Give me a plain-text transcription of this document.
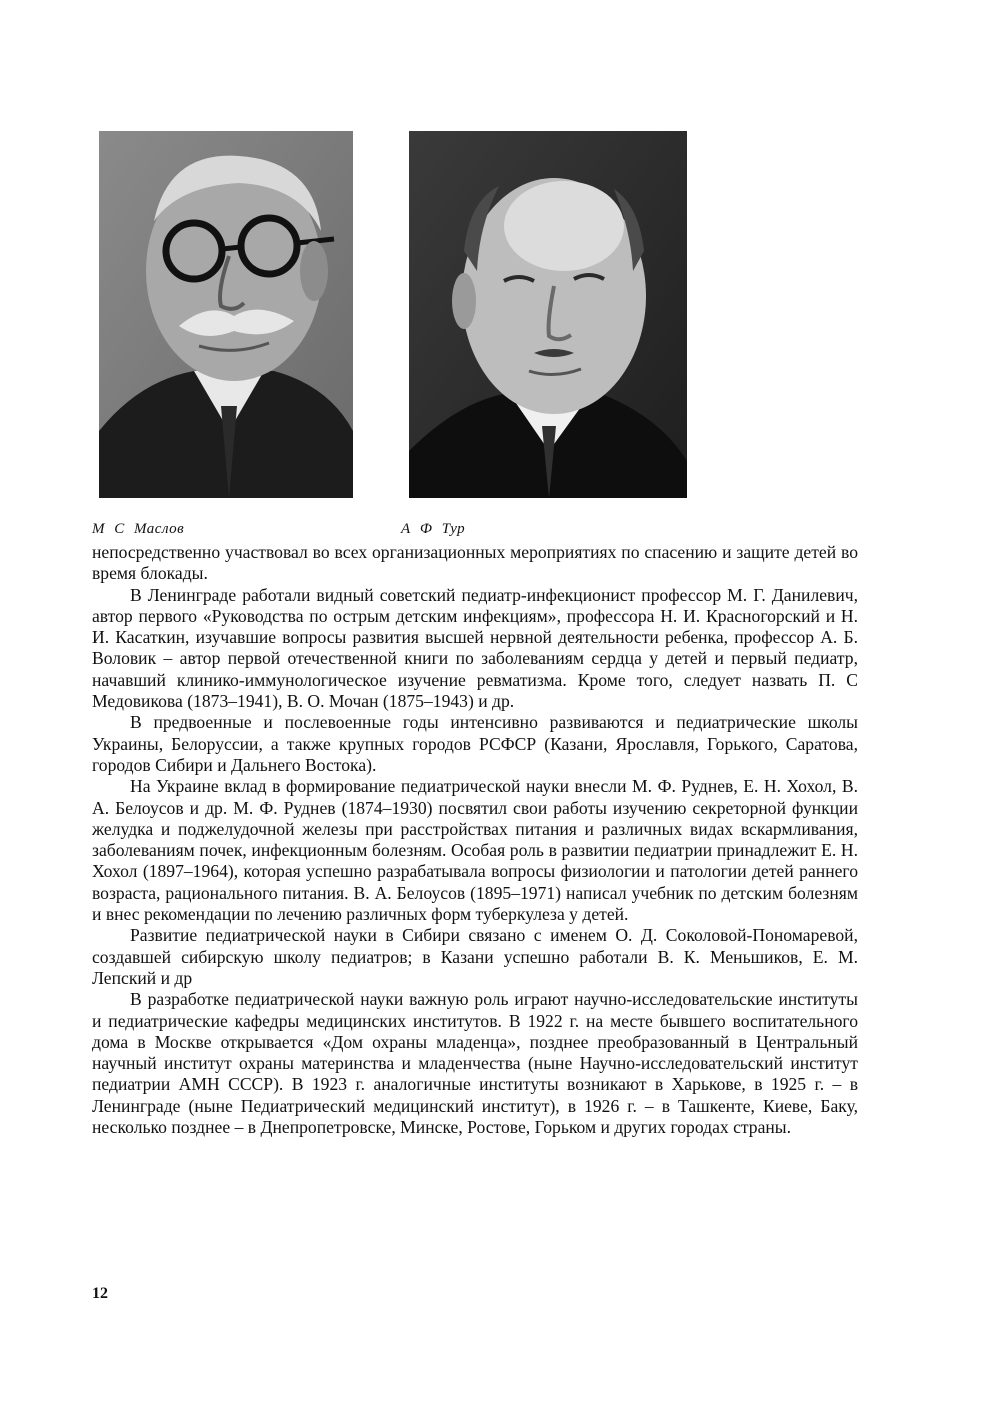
М С Маслов	А Ф Тур

непосредственно участвовал во всех организационных мероприятиях по спасению и защите детей во время блокады.

В Ленинграде работали видный советский педиатр-инфекционист профессор М. Г. Данилевич, автор первого «Руководства по острым детским инфекциям», профессора Н. И. Красногорский и Н. И. Касаткин, изучавшие вопросы развития высшей нервной деятельности ребенка, профессор А. Б. Воловик – автор первой отечественной книги по заболеваниям сердца у детей и первый педиатр, начавший клинико-иммунологическое изучение ревматизма. Кроме того, следует назвать П. С Медовикова (1873–1941), В. О. Мочан (1875–1943) и др.

В предвоенные и послевоенные годы интенсивно развиваются и педиатрические школы Украины, Белоруссии, а также крупных городов РСФСР (Казани, Ярославля, Горького, Саратова, городов Сибири и Дальнего Востока).

На Украине вклад в формирование педиатрической науки внесли М. Ф. Руднев, Е. Н. Хохол, В. А. Белоусов и др. М. Ф. Руднев (1874–1930) посвятил свои работы изучению секреторной функции желудка и поджелудочной железы при расстройствах питания и различных видах вскармливания, заболеваниям почек, инфекционным болезням. Особая роль в развитии педиатрии принадлежит Е. Н. Хохол (1897–1964), которая успешно разрабатывала вопросы физиологии и патологии детей раннего возраста, рационального питания. В. А. Белоусов (1895–1971) написал учебник по детским болезням и внес рекомендации по лечению различных форм туберкулеза у детей.

Развитие педиатрической науки в Сибири связано с именем О. Д. Соколовой-Пономаревой, создавшей сибирскую школу педиатров; в Казани успешно работали В. К. Меньшиков, Е. М. Лепский и др

В разработке педиатрической науки важную роль играют научно-исследовательские институты и педиатрические кафедры медицинских институтов. В 1922 г. на месте бывшего воспитательного дома в Москве открывается «Дом охраны младенца», позднее преобразованный в Центральный научный институт охраны материнства и младенчества (ныне Научно-исследовательский институт педиатрии АМН СССР). В 1923 г. аналогичные институты возникают в Харькове, в 1925 г. – в Ленинграде (ныне Педиатрический медицинский институт), в 1926 г. – в Ташкенте, Киеве, Баку, несколько позднее – в Днепропетровске, Минске, Ростове, Горьком и других городах страны.

12
